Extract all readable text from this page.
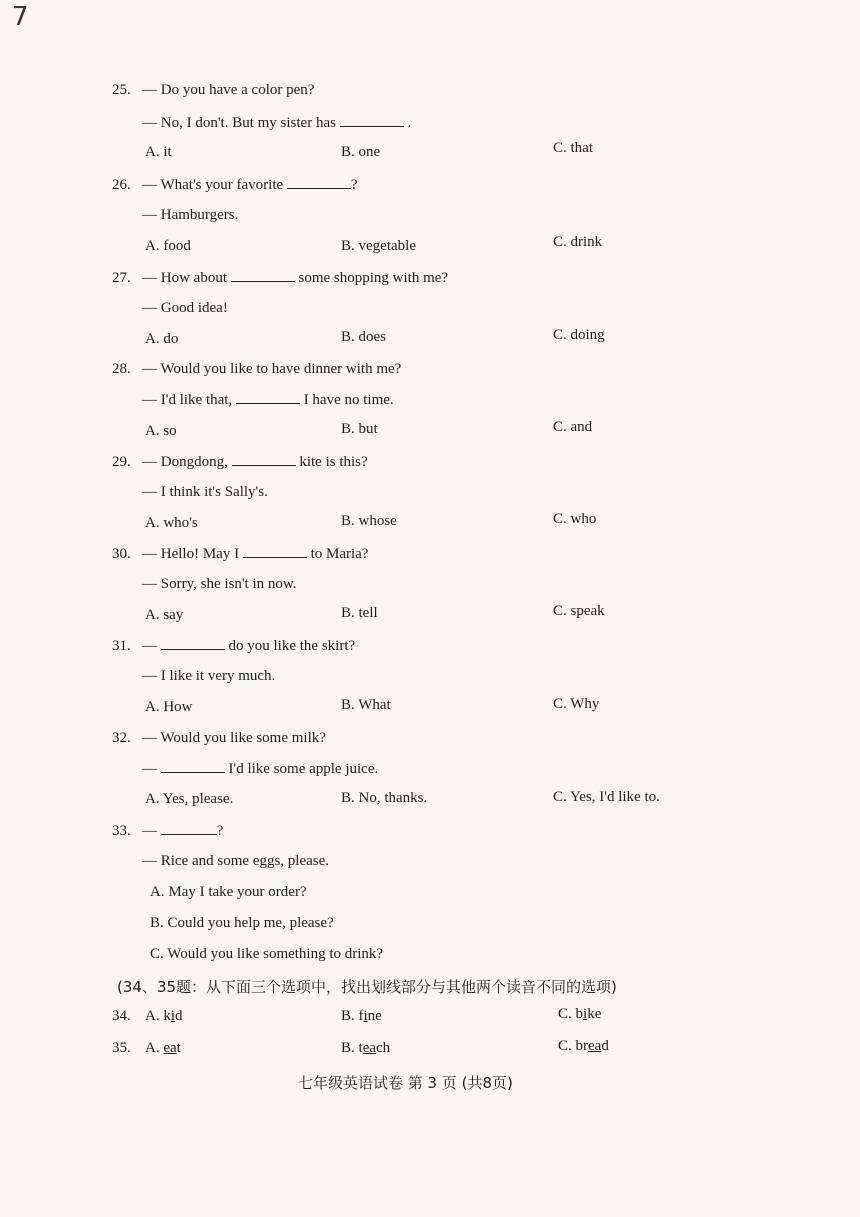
7
25. — Do you have a color pen?
— No, I don't. But my sister has	.
A. it	B. one	C. that
26. — What's your favorite	?
— Hamburgers.
A. food	B. vegetable	C. drink
27. — How about	some shopping with me?
— Good idea!
A. do	B. does	C. doing
28. — Would you like to have dinner with me?
— I'd like that,	I have no time.
A. so	B. but	C. and
29. — Dongdong,	kite is this?
— I think it's Sally's.
A. who's	B. whose	C. who
30. — Hello! May I	to Maria?
— Sorry, she isn't in now.
A. say	B. tell	C. speak
31. —	do you like the skirt?
— I like it very much.
A. How	B. What	C. Why
32. — Would you like some milk?
—	I'd like some apple juice.
A. Yes, please.	B. No, thanks.	C. Yes, I'd like to.
33. —	?
— Rice and some eggs, please.
A. May I take your order?
B. Could you help me, please?
C. Would you like something to drink?
(34、35题：从下面三个选项中，找出划线部分与其他两个读音不同的选项)
34. A. kid	B. fine	C. bike
35. A. eat	B. teach	C. bread
七年级英语试卷 第 3 页 (共8页)
